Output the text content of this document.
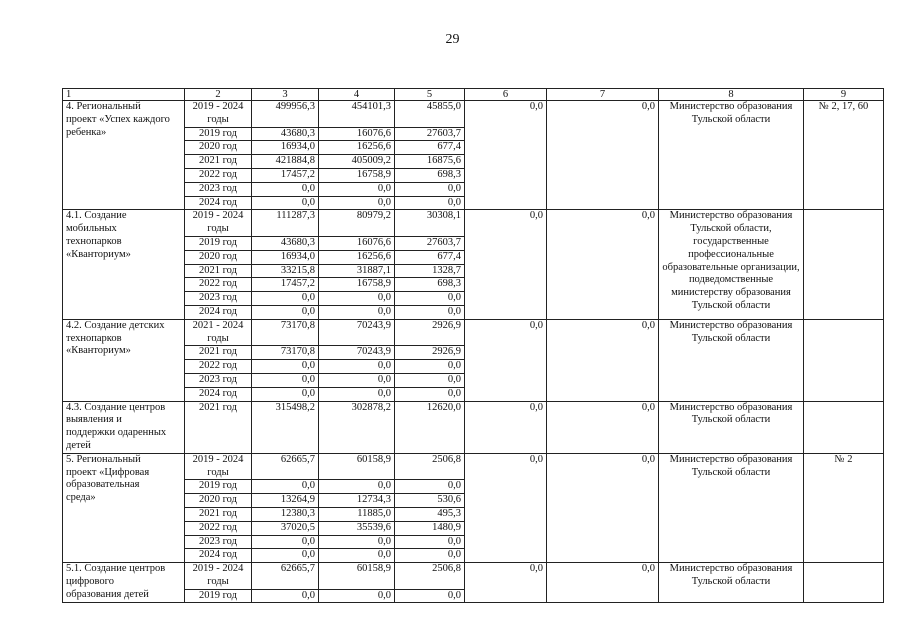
29
1	2	3	4	5	6	7	8	9

4. Региональный
проект «Успех каждого
ребенка»	2019 - 2024 годы	499956,3	454101,3	45855,0	0,0	0,0	Министерство образования Тульской области	№ 2, 17, 60
	2019 год	43680,3	16076,6	27603,7				
	2020 год	16934,0	16256,6	677,4				
	2021 год	421884,8	405009,2	16875,6				
	2022 год	17457,2	16758,9	698,3				
	2023 год	0,0	0,0	0,0				
	2024 год	0,0	0,0	0,0				

4.1. Создание
мобильных
технопарков
«Кванториум»	2019 - 2024 годы	111287,3	80979,2	30308,1	0,0	0,0	Министерство образования Тульской области, государственные профессиональные образовательные организации, подведомственные министерству образования Тульской области	
	2019 год	43680,3	16076,6	27603,7				
	2020 год	16934,0	16256,6	677,4				
	2021 год	33215,8	31887,1	1328,7				
	2022 год	17457,2	16758,9	698,3				
	2023 год	0,0	0,0	0,0				
	2024 год	0,0	0,0	0,0				

4.2. Создание детских
технопарков
«Кванториум»	2021 - 2024 годы	73170,8	70243,9	2926,9	0,0	0,0	Министерство образования Тульской области	
	2021 год	73170,8	70243,9	2926,9				
	2022 год	0,0	0,0	0,0				
	2023 год	0,0	0,0	0,0				
	2024 год	0,0	0,0	0,0				

4.3. Создание центров
выявления и
поддержки одаренных
детей	2021 год	315498,2	302878,2	12620,0	0,0	0,0	Министерство образования Тульской области	

5. Региональный
проект «Цифровая
образовательная
среда»	2019 - 2024 годы	62665,7	60158,9	2506,8	0,0	0,0	Министерство образования Тульской области	№ 2
	2019 год	0,0	0,0	0,0				
	2020 год	13264,9	12734,3	530,6				
	2021 год	12380,3	11885,0	495,3				
	2022 год	37020,5	35539,6	1480,9				
	2023 год	0,0	0,0	0,0				
	2024 год	0,0	0,0	0,0				

5.1. Создание центров
цифрового
образования детей	2019 - 2024 годы	62665,7	60158,9	2506,8	0,0	0,0	Министерство образования Тульской области	
	2019 год	0,0	0,0	0,0				
